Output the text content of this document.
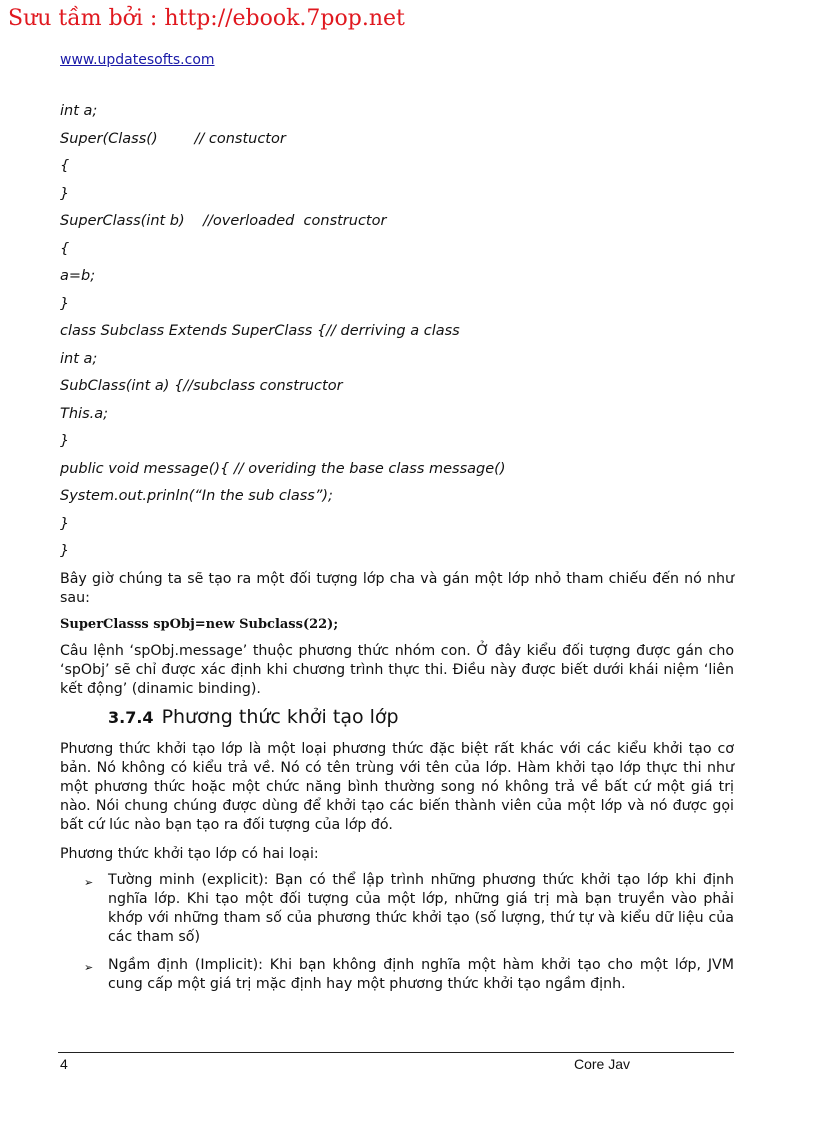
Sưu tầm bởi : http://ebook.7pop.net
www.updatesofts.com
int a;
Super(Class()        // constuctor
{
}
SuperClass(int b)    //overloaded  constructor
{
a=b;
}
class Subclass Extends SuperClass {// derriving a class
int a;
SubClass(int a) {//subclass constructor
This.a;
}
public void message(){ // overiding the base class message()
System.out.prinln(“In the sub class”);
}
}

Bây giờ chúng ta sẽ tạo ra một đối tượng lớp cha và gán một lớp nhỏ tham chiếu đến nó như sau:

SuperClasss spObj=new Subclass(22);

Câu lệnh ‘spObj.message’ thuộc phương thức nhóm con. Ở đây kiểu đối tượng được gán cho ‘spObj’ sẽ chỉ được xác định khi chương trình thực thi. Điều này được biết dưới khái niệm ‘liên kết động’ (dinamic binding).

3.7.4 Phương thức khởi tạo lớp

Phương thức khởi tạo lớp là một loại phương thức đặc biệt rất khác với các kiểu khởi tạo cơ bản. Nó không có kiểu trả về. Nó có tên trùng với tên của lớp. Hàm khởi tạo lớp thực thi như một phương thức hoặc một chức năng bình thường song nó không trả về bất cứ một giá trị nào. Nói chung chúng được dùng để khởi tạo các biến thành viên của một lớp và nó được gọi bất cứ lúc nào bạn tạo ra đối tượng của lớp đó.

Phương thức khởi tạo lớp có hai loại:

➢	Tường minh (explicit): Bạn có thể lập trình những phương thức khởi tạo lớp khi định nghĩa lớp. Khi tạo một đối tượng của một lớp, những giá trị mà bạn truyền vào phải khớp với những tham số của phương thức khởi tạo (số lượng, thứ tự và kiểu dữ liệu của các tham số)
➢	Ngầm định (Implicit): Khi bạn không định nghĩa một hàm khởi tạo cho một lớp, JVM cung cấp một giá trị mặc định hay một phương thức khởi tạo ngầm định.
4	Core Jav
